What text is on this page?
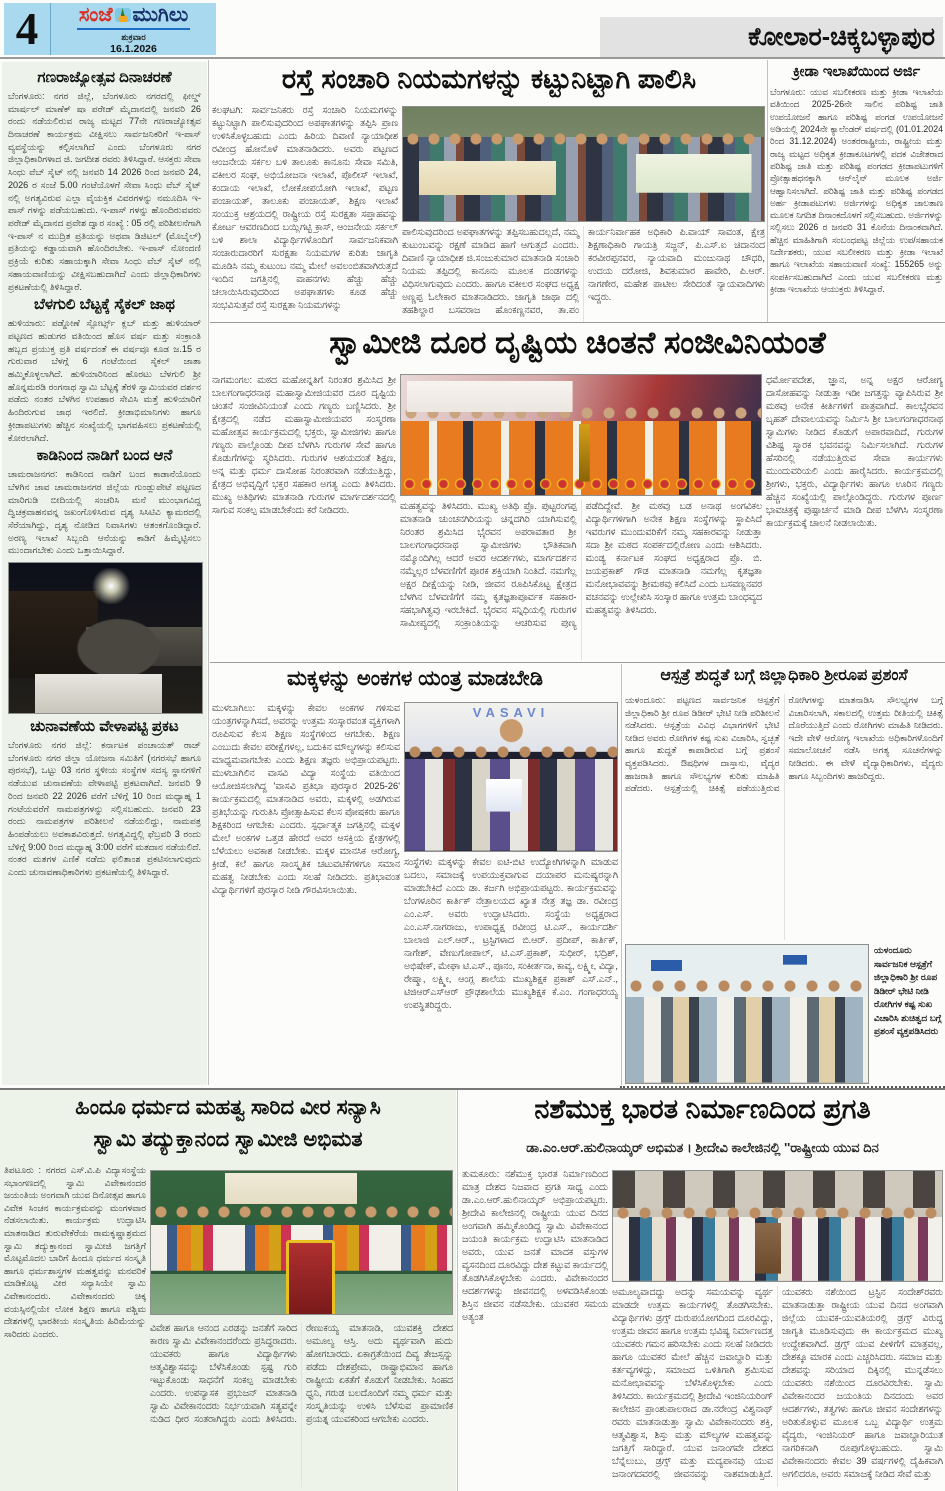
4	ಸಂಜೆ ಮುಗಿಲು
ಶುಕ್ರವಾರ
16.1.2026	ಕೋಲಾರ-ಚಿಕ್ಕಬಳ್ಳಾಪುರ
ಗಣರಾಜ್ಯೋತ್ಸವ ದಿನಾಚರಣೆ
ಬೆಂಗಳೂರು: ನಗರ ಜಿಲ್ಲೆ, ಬೆಂಗಳೂರು ನಗರದಲ್ಲಿ ಫೀಲ್ಡ್ ಮಾರ್ಷಲ್ ಮಾಣೆಕ್ ಷಾ ಪರೇಡ್ ಮೈದಾನದಲ್ಲಿ ಜನವರಿ 26 ರಂದು ನಡೆಯಲಿರುವ ರಾಜ್ಯ ಮಟ್ಟದ 77ನೇ ಗಣರಾಜ್ಯೋತ್ಸವ ದಿನಾಚರಣೆ ಕಾರ್ಯಕ್ರಮ ವೀಕ್ಷಿಸಲು ಸಾರ್ವಜನಿಕರಿಗೆ ಇ-ಪಾಸ್ ವ್ಯವಸ್ಥೆಯನ್ನು ಕಲ್ಪಿಸಲಾಗಿದೆ ಎಂದು ಬೆಂಗಳೂರು ನಗರ ಜಿಲ್ಲಾಧಿಕಾರಿಗಳಾದ ಜಿ. ಜಗದೀಶ ರವರು ತಿಳಿಸಿದ್ದಾರೆ. ಆಸಕ್ತರು ಸೇವಾ ಸಿಂಧು ವೆಬ್ ಸೈಟ್ ನಲ್ಲಿ ಜನವರಿ 14 2026 ರಿಂದ ಜನವರಿ 24, 2026 ರ ಸಂಜೆ 5.00 ಗಂಟೆಯೊಳಗೆ ಸೇವಾ ಸಿಂಧು ವೆಬ್ ಸೈಟ್ ನಲ್ಲಿ ಅಗತ್ಯವಿರುವ ಎಲ್ಲಾ ವೈಯಕ್ತಿಕ ವಿವರಗಳನ್ನು ನಮೂದಿಸಿ ಇ-ಪಾಸ್ ಗಳನ್ನು ಪಡೆಯಬಹುದು. ಇ-ಪಾಸ್ ಗಳನ್ನು ಹೊಂದಿರುವವರು ಪರೇಡ್ ಮೈದಾನದ ಪ್ರವೇಶ ದ್ವಾರ ಸಂಖ್ಯೆ : 05 ರಲ್ಲಿ ಪರಿಶೀಲನೆಗಾಗಿ ಇ-ಪಾಸ್ ನ ಮುದ್ರಿತ ಪ್ರತಿಯನ್ನು ಅಥವಾ ಡಿಜಿಟಲ್ (ಮೊಬೈಲ್) ಪ್ರತಿಯನ್ನು ಕಡ್ಡಾಯವಾಗಿ ಹೊಂದಿರಬೇಕು. ಇ-ಪಾಸ್ ನೋಂದಣಿ ಪ್ರಕ್ರಿಯೆ ಕುರಿತು ಸಹಾಯಕ್ಕಾಗಿ ಸೇವಾ ಸಿಂಧು ವೆಬ್ ಸೈಟ್ ನಲ್ಲಿ ಸಹಾಯವಾಣಿಯನ್ನು ವೀಕ್ಷಿಸಬಹುದಾಗಿದೆ ಎಂದು ಜಿಲ್ಲಾಧಿಕಾರಿಗಳು ಪ್ರಕಟಣೆಯಲ್ಲಿ ತಿಳಿಸಿದ್ದಾರೆ.
ಬೆಳಗುಲಿ ಬೆಟ್ಟಕ್ಕೆ ಸೈಕಲ್ ಜಾಥ
ಹುಳಿಯಾರು: ಪಡ್ಡೋಣೆ ಸ್ಪೋರ್ಟ್ಸ್ ಕ್ಲಬ್ ಮತ್ತು ಹುಳಿಯಾರ್ ಪಟ್ಟಣದ ಹುಡುಗರ ವತಿಯಿಂದ ಹೊಸ ವರ್ಷ ಮತ್ತು ಸಂಕ್ರಾಂತಿ ಹಬ್ಬದ ಪ್ರಯುಕ್ತ ಪ್ರತಿ ವರ್ಷದಂತೆ ಈ ವರ್ಷವೂ ಕೂಡ ಜ.15 ರ ಗುರುವಾರ ಬೆಳಗ್ಗೆ 6 ಗಂಟೆಯಿಂದ ಸೈಕಲ್ ಜಾತಾ ಹಮ್ಮಿಕೊಳ್ಳಲಾಗಿದೆ. ಹುಳಿಯಾರಿನಿಂದ ಹೊರಟು ಬೆಳಗುಲಿ ಶ್ರೀ ಹೊನ್ನಮರಡಿ ರಂಗನಾಥ ಸ್ವಾಮಿ ಬೆಟ್ಟಕ್ಕೆ ತೆರಳಿ ಸ್ವಾಮಿಯವರ ದರ್ಶನ ಪಡೆದು ನಂತರ ಬೆಳಗಿನ ಉಪಹಾರ ಸೇವಿಸಿ ಮತ್ತೆ ಹುಳಿಯಾರಿಗೆ ಹಿಂದಿರುಗುವ ಜಾಥ ಇರಲಿದೆ. ಕ್ರೀಡಾಭಿಮಾನಿಗಳು ಹಾಗೂ ಕ್ರೀಡಾಪಟುಗಳು ಹೆಚ್ಚಿನ ಸಂಖ್ಯೆಯಲ್ಲಿ ಭಾಗವಹಿಸಲು ಪ್ರಕಟಣೆಯಲ್ಲಿ ಕೋರಲಾಗಿದೆ.
ಕಾಡಿನಿಂದ ನಾಡಿಗೆ ಬಂದ ಆನೆ
ಚಾಮರಾಜನಗರ: ಕಾಡಿನಿಂದ ನಾಡಿಗೆ ಬಂದ ಕಾಡಾನೆಯೊಂದು ಬೆಳಗಿನ ಜಾವ ಚಾಮರಾಜನಗರ ಜಿಲ್ಲೆಯ ಗುಂಡ್ಲುಪೇಟೆ ಪಟ್ಟಣದ ಮಾರಿಗುಡಿ ಬೀದಿಯಲ್ಲಿ ಸಂಚರಿಸಿ ಮನೆ ಮುಂಭಾಗವಿದ್ದ ದ್ವಿಚಕ್ರವಾಹನವನ್ನ ಜಖಂಗೊಳಿಸಿರುವ ದೃಶ್ಯ ಸಿಸಿಟಿವಿ ಕ್ಯಾಮರದಲ್ಲಿ ಸೆರೆಯಾಗಿದ್ದು, ದೃಶ್ಯ ನೋಡಿದ ನಿವಾಸಿಗಳು ಆತಂಕಗೊಂಡಿದ್ದಾರೆ. ಅರಣ್ಯ ಇಲಾಖೆ ಸಿಬ್ಬಂದಿ ಆನೆಯನ್ನು ಕಾಡಿಗೆ ಹಿಮ್ಮೆಟ್ಟಿಸಲು ಮುಂದಾಗಬೇಕು ಎಂದು ಒತ್ತಾಯಿಸಿದ್ದಾರೆ.
ಚುನಾವಣೆಯ ವೇಳಾಪಟ್ಟಿ ಪ್ರಕಟ
ಬೆಂಗಳೂರು ನಗರ ಜಿಲ್ಲೆ: ಕರ್ನಾಟಕ ಪಂಚಾಯತ್ ರಾಜ್ ಬೆಂಗಳೂರು ನಗರ ಜಿಲ್ಲಾ ಯೋಜನಾ ಸಮಿತಿಗೆ (ನಗರಸಭೆ ಹಾಗೂ ಪುರಸಭೆ), ಒಟ್ಟು 03 ನಗರ ಸ್ಥಳೀಯ ಸಂಸ್ಥೆಗಳ ಸದಸ್ಯ ಸ್ಥಾನಗಳಿಗೆ ನಡೆಯುವ ಚುನಾವಣೆಯ ವೇಳಾಪಟ್ಟಿ ಪ್ರಕಟವಾಗಿದೆ. ಜನವರಿ 9 ರಿಂದ ಜನವರಿ 22 2026 ವರೆಗೆ ಬೆಳಿಗ್ಗೆ 10 ರಿಂದ ಮಧ್ಯಾಹ್ನ 1 ಗಂಟೆಯವರೆಗೆ ನಾಮಪತ್ರಗಳನ್ನು ಸಲ್ಲಿಸಬಹುದು. ಜನವರಿ 23 ರಂದು ನಾಮಪತ್ರಗಳ ಪರಿಶೀಲನೆ ನಡೆಯಲಿದ್ದು, ನಾಮಪತ್ರ ಹಿಂಪಡೆಯಲು ಅವಕಾಶವಿರುತ್ತದೆ. ಅಗತ್ಯವಿದ್ದಲ್ಲಿ ಫೆಬ್ರವರಿ 3 ರಂದು ಬೆಳಿಗ್ಗೆ 9:00 ರಿಂದ ಮಧ್ಯಾಹ್ನ 3:00 ವರೆಗೆ ಮತದಾನ ನಡೆಯಲಿದೆ. ನಂತರ ಮತಗಳ ಎಣಿಕೆ ನಡೆದು ಫಲಿತಾಂಶ ಪ್ರಕಟಿಸಲಾಗುವುದು ಎಂದು ಚುನಾವಣಾಧಿಕಾರಿಗಳು ಪ್ರಕಟಣೆಯಲ್ಲಿ ತಿಳಿಸಿದ್ದಾರೆ.
ರಸ್ತೆ ಸಂಚಾರಿ ನಿಯಮಗಳನ್ನು ಕಟ್ಟುನಿಟ್ಟಾಗಿ ಪಾಲಿಸಿ
ಕಲಘಟಗಿ: ಸಾರ್ವಜನಿಕರು ರಸ್ತೆ ಸಂಚಾರಿ ನಿಯಮಗಳನ್ನು ಕಟ್ಟುನಿಟ್ಟಾಗಿ ಪಾಲಿಸುವುದರಿಂದ ಅಪಘಾತಗಳನ್ನು ತಪ್ಪಿಸಿ ಪ್ರಾಣ ಉಳಿಸಿಕೊಳ್ಳಬಹುದು ಎಂದು ಹಿರಿಯ ದಿವಾಣಿ ನ್ಯಾಯಾಧೀಶ ರವೀಂದ್ರ ಹೋನೊಳೆ ಮಾತನಾಡಿದರು. ಅವರು ಪಟ್ಟಣದ ಆಂಜನೇಯ ಸರ್ಕಲ ಬಳಿ ತಾಲೂಕು ಕಾನೂನು ಸೇವಾ ಸಮಿತಿ, ವಕೀಲರ ಸಂಘ, ಅಭಿಯೋಜನಾ ಇಲಾಖೆ, ಪೊಲೀಸ್ ಇಲಾಖೆ, ಕಂದಾಯ ಇಲಾಖೆ, ಲೋಕೋಪಯೋಗಿ ಇಲಾಖೆ, ಪಟ್ಟಣ ಪಂಚಾಯತ್, ತಾಲೂಕು ಪಂಚಾಯತ್, ಶಿಕ್ಷಣ ಇಲಾಖೆ ಸಂಯುಕ್ತ ಆಶ್ರಯದಲ್ಲಿ ರಾಷ್ಟ್ರೀಯ ರಸ್ತೆ ಸುರಕ್ಷತಾ ಸಪ್ತಾಹವನ್ನು ಕೋರ್ಟ ಆವರಣದಿಂದ ಬಯ್ಲಿಗಟ್ಟಿ ಕ್ರಾಸ್, ಆಂಜನೇಯ ಸರ್ಕಲ್ ಬಳಿ ಶಾಲಾ ವಿದ್ಯಾರ್ಥಿಗಳೊಂದಿಗೆ ಸಾರ್ವಜನಿಕವಾಗಿ ಸಂಚಾರುದಾರರಿಗೆ ಸುರಕ್ಷತಾ ನಿಯಮಗಳ ಕುರಿತು ಜಾಗೃತಿ ಮೂಡಿಸಿ ನಮ್ಮ ಕುಟುಂಬ ನಮ್ಮ ಮೇಲೆ ಅವಲಂಬಿತವಾಗಿರುತ್ತದೆ ಇಂದಿನ ಜಗತ್ತಿನಲ್ಲಿ ವಾಹನಗಳು ಹೆಚ್ಚು ಹೆಚ್ಚು ಚಲಾಯಿಸಿರುವುದರಿಂದ ಅಪಘಾತಗಳು ಕೂಡ ಹೆಚ್ಚು ಸಂಭವಿಸುತ್ತವೆ ರಸ್ತೆ ಸುರಕ್ಷತಾ ನಿಯಮಗಳನ್ನು
ಪಾಲಿಸುವುದರಿಂದ ಅಪಘಾತಗಳನ್ನು ತಪ್ಪಿಸಬಹುದಲ್ಲದೆ, ನಮ್ಮ ಕುಟುಂಬವನ್ನು ರಕ್ಷಣೆ ಮಾಡಿದ ಹಾಗೆ ಆಗುತ್ತದೆ ಎಂದರು. ದಿವಾಣಿ ನ್ಯಾಯಾಧೀಶ ಜಿ.ಸಂಜುಕುಮಾರ ಮಾತನಾಡಿ ಸಂಚಾರಿ ನಿಯಮ ತಪ್ಪಿದಲ್ಲಿ ಕಾನೂನು ಮೂಲಕ ದಂಡಗಳನ್ನು ವಿಧಿಸಲಾಗುವುದು ಎಂದರು. ಹಾಗೂ ವಕೀಲರ ಸಂಘದ ಅಧ್ಯಕ್ಷ ಅಣ್ಣಪ್ಪ ಓಲೇಕಾರ ಮಾತನಾಡಿದರು. ಜಾಗೃತಿ ಜಾಥಾ ದಲ್ಲಿ ತಹಶಿಲ್ದಾರ ಬಸವರಾಜ ಹೊಂಕಣ್ಣನವರ, ತಾ.ಪಂ ಕಾರ್ಯನಿರ್ವಾಹಕ ಅಧಿಕಾರಿ ಪಿ.ವಾಯ್ ಸಾವಂತ, ಕ್ಷೇತ್ರ ಶಿಕ್ಷಣಾಧಿಕಾರಿ ಗಾಯತ್ರಿ ಸಜ್ಜನ್, ಪಿ.ಎಸ್.ಐ ಚಿದಾನಂದ ಕರವೀರಪ್ಪನವರ, ನ್ಯಾಯವಾದಿ ಮಂಜುನಾಥ ಚೌಧರಿ, ಉದಯ ದರೋಜಿ, ಶಿವಕುಮಾರ ಹಾವೇರಿ, ಪಿ.ಆರ್. ನಾಗಣೇರ, ಮಹೇಶ ಪಾಟೀಲ ಸೇರಿದಂತೆ ನ್ಯಾಯವಾದಿಗಳು ಇದ್ದರು.
ಕ್ರೀಡಾ ಇಲಾಖೆಯಿಂದ ಅರ್ಜಿ
ಬೆಂಗಳೂರು: ಯುವ ಸಬಲೀಕರಣ ಮತ್ತು ಕ್ರೀಡಾ ಇಲಾಖೆಯ ವತಿಯಿಂದ 2025-26ನೇ ಸಾಲಿನ ಪರಿಶಿಷ್ಟ ಜಾತಿ ಉಪಯೋಜನೆ ಹಾಗೂ ಪರಿಶಿಷ್ಟ ಪಂಗಡ ಉಪಯೋಜನೆ ಅಡಿಯಲ್ಲಿ 2024ನೇ ಕ್ಯಾಲೆಂಡರ್ ವರ್ಷದಲ್ಲಿ (01.01.2024 ರಿಂದ 31.12.2024) ಅಂತರರಾಷ್ಟ್ರೀಯ, ರಾಷ್ಟ್ರೀಯ ಮತ್ತು ರಾಜ್ಯ ಮಟ್ಟದ ಅಧಿಕೃತ ಕ್ರೀಡಾಕೂಟಗಳಲ್ಲಿ ಪದಕ ವಿಜೇತರಾದ ಪರಿಶಿಷ್ಟ ಜಾತಿ ಮತ್ತು ಪರಿಶಿಷ್ಟ ಪಂಗಡದ ಕ್ರೀಡಾಪಟುಗಳಿಗೆ ಪ್ರೋತ್ಸಾಹಧನಕ್ಕಾಗಿ ಆನ್‌ಲೈನ್ ಮೂಲಕ ಅರ್ಜಿ ಆಹ್ವಾನಿಸಲಾಗಿದೆ. ಪರಿಶಿಷ್ಟ ಜಾತಿ ಮತ್ತು ಪರಿಶಿಷ್ಟ ಪಂಗಡದ ಅರ್ಹ ಕ್ರೀಡಾಪಟುಗಳು ಅರ್ಜಿಗಳನ್ನು ಅಧಿಕೃತ ಜಾಲತಾಣ ಮೂಲಕ ನಿಗದಿತ ದಿನಾಂಕದೊಳಗೆ ಸಲ್ಲಿಸಬಹುದು. ಅರ್ಜಿಗಳನ್ನು ಸಲ್ಲಿಸಲು 2026 ರ ಜನವರಿ 31 ಕೊನೆಯ ದಿನಾಂಕವಾಗಿದೆ. ಹೆಚ್ಚಿನ ಮಾಹಿತಿಗಾಗಿ ಸಂಬಂಧಪಟ್ಟ ಜಿಲ್ಲೆಯ ಉಪ/ಸಹಾಯಕ ನಿರ್ದೇಶಕರು, ಯುವ ಸಬಲೀಕರಣ ಮತ್ತು ಕ್ರೀಡಾ ಇಲಾಖೆ ಹಾಗೂ ಇಲಾಖೆಯ ಸಹಾಯವಾಣಿ ಸಂಖ್ಯೆ: 155265 ಅನ್ನು ಸಂಪರ್ಕಿಸಬಹುದಾಗಿದೆ ಎಂದು ಯುವ ಸಬಲೀಕರಣ ಮತ್ತು ಕ್ರೀಡಾ ಇಲಾಖೆಯ ಆಯುಕ್ತರು ತಿಳಿಸಿದ್ದಾರೆ.
ಸ್ವಾಮೀಜಿ ದೂರ ದೃಷ್ಟಿಯ ಚಿಂತನೆ ಸಂಜೀವಿನಿಯಂತೆ
ನಾಗಮಂಗಲ: ಮಠದ ಮಹೋನ್ನತಿಗೆ ನಿರಂತರ ಶ್ರಮಿಸಿದ ಶ್ರೀ ಬಾಲಗಂಗಾಧರನಾಥ ಮಹಾಸ್ವಾಮೀಜಿಯವರ ದೂರ ದೃಷ್ಟಿಯ ಚಿಂತನೆ ಸಂಜೀವಿನಿಯಂತೆ ಎಂದು ಗಣ್ಯರು ಬಣ್ಣಿಸಿದರು. ಶ್ರೀ ಕ್ಷೇತ್ರದಲ್ಲಿ ನಡೆದ ಮಹಾಸ್ವಾಮೀಜಿಯವರ ಸಂಸ್ಮರಣಾ ಮಹೋತ್ಸವ ಕಾರ್ಯಕ್ರಮದಲ್ಲಿ ಭಕ್ತರು, ಸ್ವಾಮೀಜಿಗಳು ಹಾಗೂ ಗಣ್ಯರು ಪಾಲ್ಗೊಂಡು ದೀಪ ಬೆಳಗಿಸಿ ಗುರುಗಳ ಸೇವೆ ಹಾಗೂ ಕೊಡುಗೆಗಳನ್ನು ಸ್ಮರಿಸಿದರು. ಗುರುಗಳ ಆಶಯದಂತೆ ಶಿಕ್ಷಣ, ಅನ್ನ ಮತ್ತು ಧರ್ಮ ದಾಸೋಹ ನಿರಂತರವಾಗಿ ನಡೆಯುತ್ತಿದ್ದು, ಕ್ಷೇತ್ರದ ಅಭಿವೃದ್ಧಿಗೆ ಭಕ್ತರ ಸಹಕಾರ ಅಗತ್ಯ ಎಂದು ತಿಳಿಸಿದರು. ಮುಖ್ಯ ಅತಿಥಿಗಳು ಮಾತನಾಡಿ ಗುರುಗಳ ಮಾರ್ಗದರ್ಶನದಲ್ಲಿ ಸಾಗುವ ಸಂಕಲ್ಪ ಮಾಡಬೇಕೆಂದು ಕರೆ ನೀಡಿದರು.	ಮಹತ್ವವನ್ನು ತಿಳಿಸಿದರು. ಮುಖ್ಯ ಅತಿಥಿ ಪ್ರೊ. ಪುಟ್ಟರಂಗಪ್ಪ ಮಾತನಾಡಿ ಚುಂಚನಗಿರಿಯನ್ನು ಚಿನ್ನದಗಿರಿ ಯಾಗಿಸುವಲ್ಲಿ ನಿರಂತರ ಶ್ರಮಿಸಿದ ಭೈರವನ ಅಪರಾವತಾರ ಶ್ರೀ ಬಾಲಗಂಗಾಧರನಾಥ ಸ್ವಾಮೀಜಿಗಳು ಭೌತಿಕವಾಗಿ ನಮ್ಮೊಂದಿಗಿಲ್ಲ ಆದರೆ ಅವರ ಆದರ್ಶಗಳು, ಮಾರ್ಗದರ್ಶನ ನಮ್ಮೆಲ್ಲರ ಬೆಳವಣಿಗೆಗೆ ಪೂರಕ ಶಕ್ತಿಯಾಗಿ ನಿಂತಿದೆ. ನಮಗೆಲ್ಲ ಅಕ್ಷರ ದೀಕ್ಷೆಯನ್ನು ನೀಡಿ, ಜೀವನ ರೂಪಿಸಿಕೊಟ್ಟ ಕ್ಷೇತ್ರದ ಬೆಳಗಿನ ಬೆಳವಣಿಗೆಗೆ ನಮ್ಮ ಕೃತಜ್ಞತಾಪೂರ್ವಕ ಸಹಕಾರ-ಸಹಭಾಗಿತ್ವವು ಇರಬೇಕಿದೆ. ಭೈರವನ ಸನ್ನಿಧಿಯಲ್ಲಿ ಗುರುಗಳ ಸಾಮೀಪ್ಯದಲ್ಲಿ ಸಂಕ್ರಾಂತಿಯನ್ನು ಆಚರಿಸುವ ಪುಣ್ಯ ಪಡೆದಿದ್ದೇವೆ. ಶ್ರೀ ಮಠವು ಬಡ ಅನಾಥ ಅಂಗವಿಕಲ ವಿದ್ಯಾರ್ಥಿಗಳಿಗಾಗಿ ಅನೇಕ ಶಿಕ್ಷಣ ಸಂಸ್ಥೆಗಳನ್ನು ಸ್ಥಾಪಿಸಿದೆ ಇವರುಗಳ ಮುಂದುವರಿಕೆಗೆ ನಮ್ಮ ಸಹಕಾರವನ್ನು ನೀಡುತ್ತಾ ಸದಾ ಶ್ರೀ ಮಠದ ಸಂಪರ್ಕದಲ್ಲಿರೋಣ ಎಂದು ಆಶಿಸಿದರು. ಮಂಡ್ಯ ಕರ್ನಾಟಕ ಸಂಘದ ಅಧ್ಯಕ್ಷರಾದ ಪ್ರೊ. ಬಿ. ಜಯಪ್ರಕಾಶ್ ಗೌಡ ಮಾತನಾಡಿ ನಮಗೆಲ್ಲ ಕೃತಜ್ಞತಾ ಮನೋಭಾವವನ್ನು ಶ್ರೀಮಠವು ಕಲಿಸಿದೆ ಎಂದು ಬಸವಣ್ಣನವರ ವಚನವನ್ನು ಉಲ್ಲೇಖಿಸಿ ಸಂಸ್ಕಾರ ಹಾಗೂ ಉತ್ತಮ ಬಾಂಧವ್ಯದ ಮಹತ್ವವನ್ನು ತಿಳಿಸಿದರು.
ಧರ್ಮೋಪದೇಶ, ಜ್ಞಾನ, ಅನ್ನ ಅಕ್ಷರ ಆರೋಗ್ಯ ದಾಸೋಹವನ್ನು ನೀಡುತ್ತಾ ಇಡೀ ಜಗತ್ತನ್ನು ವ್ಯಾಪಿಸಿರುವ ಶ್ರೀ ಮಠವು ಅನೇಕ ಕೀರ್ತಿಗಳಿಗೆ ಪಾತ್ರವಾಗಿದೆ. ಕಾಲಭೈರವನ ಬೃಹತ್ ದೇವಾಲಯವನ್ನು ನಿರ್ಮಿಸಿ ಶ್ರೀ ಬಾಲಗಂಗಾಧರನಾಥ ಸ್ವಾಮಿಗಳು ನೀಡಿದ ಕೊಡುಗೆ ಅಪಾರವಾದಿದೆ, ಗುರುಗಳ ವಿಶಿಷ್ಟ ಸ್ಮಾರಕ ಭವನವನ್ನು ನಿರ್ಮಿಸಲಾಗಿದೆ. ಗುರುಗಳ ಹೆಸರಿನಲ್ಲಿ ನಡೆಯುತ್ತಿರುವ ಸೇವಾ ಕಾರ್ಯಗಳು ಮುಂದುವರಿಯಲಿ ಎಂದು ಹಾರೈಸಿದರು. ಕಾರ್ಯಕ್ರಮದಲ್ಲಿ ಶ್ರೀಗಳು, ಭಕ್ತರು, ವಿದ್ಯಾರ್ಥಿಗಳು ಹಾಗೂ ಊರಿನ ಗಣ್ಯರು ಹೆಚ್ಚಿನ ಸಂಖ್ಯೆಯಲ್ಲಿ ಪಾಲ್ಗೊಂಡಿದ್ದರು. ಗುರುಗಳ ಪೂರ್ಣ ಭಾವಚಿತ್ರಕ್ಕೆ ಪುಷ್ಪಾರ್ಚನೆ ಮಾಡಿ ದೀಪ ಬೆಳಗಿಸಿ ಸಂಸ್ಮರಣಾ ಕಾರ್ಯಕ್ರಮಕ್ಕೆ ಚಾಲನೆ ನೀಡಲಾಯಿತು.
ಮಕ್ಕಳನ್ನು ಅಂಕಗಳ ಯಂತ್ರ ಮಾಡಬೇಡಿ
ಮುಳಬಾಗಿಲು: ಮಕ್ಕಳನ್ನು ಕೇವಲ ಅಂಕಗಳ ಗಳಿಸುವ ಯಂತ್ರಗಳನ್ನಾಗಿಸದೆ, ಅವರನ್ನು ಉತ್ತಮ ಸಂಸ್ಕಾರವಂತ ವ್ಯಕ್ತಿಗಳಾಗಿ ರೂಪಿಸುವ ಕೆಲಸ ಶಿಕ್ಷಣ ಸಂಸ್ಥೆಗಳಿಂದ ಆಗಬೇಕು. ಶಿಕ್ಷಣ ಎಂಬುದು ಕೇವಲ ಪರೀಕ್ಷೆಗಳಲ್ಲ, ಬದುಕಿನ ಮೌಲ್ಯಗಳನ್ನು ಕಲಿಸುವ ಮಾಧ್ಯಮವಾಗಬೇಕು ಎಂದು ಶಿಕ್ಷಣ ತಜ್ಞರು ಅಭಿಪ್ರಾಯಪಟ್ಟರು. ಮುಳಬಾಗಿಲಿನ ವಾಸವಿ ವಿದ್ಯಾ ಸಂಸ್ಥೆಯ ವತಿಯಿಂದ ಆಯೋಜಿಸಲಾಗಿದ್ದ 'ವಾಸವಿ ಪ್ರತಿಭಾ ಪುರಸ್ಕಾರ 2025-26' ಕಾರ್ಯಕ್ರಮದಲ್ಲಿ ಮಾತನಾಡಿದ ಅವರು, ಮಕ್ಕಳಲ್ಲಿ ಅಡಗಿರುವ ಪ್ರತಿಭೆಯನ್ನು ಗುರುತಿಸಿ ಪ್ರೋತ್ಸಾಹಿಸುವ ಕೆಲಸ ಪೋಷಕರು ಹಾಗೂ ಶಿಕ್ಷಕರಿಂದ ಆಗಬೇಕು ಎಂದರು. ಸ್ಪರ್ಧಾತ್ಮಕ ಜಗತ್ತಿನಲ್ಲಿ ಮಕ್ಕಳ ಮೇಲೆ ಅಂಕಗಳ ಒತ್ತಡ ಹೇರದೆ ಅವರ ಆಸಕ್ತಿಯ ಕ್ಷೇತ್ರಗಳಲ್ಲಿ ಬೆಳೆಯಲು ಅವಕಾಶ ನೀಡಬೇಕು. ಮಕ್ಕಳ ಮಾನಸಿಕ ಆರೋಗ್ಯ, ಕ್ರೀಡೆ, ಕಲೆ ಹಾಗೂ ಸಾಂಸ್ಕೃತಿಕ ಚಟುವಟಿಕೆಗಳಿಗೂ ಸಮಾನ ಮಹತ್ವ ನೀಡಬೇಕು ಎಂದು ಸಲಹೆ ನೀಡಿದರು. ಪ್ರತಿಭಾವಂತ ವಿದ್ಯಾರ್ಥಿಗಳಿಗೆ ಪುರಸ್ಕಾರ ನೀಡಿ ಗೌರವಿಸಲಾಯಿತು.
VASAVI
ಸಂಸ್ಥೆಗಳು ಮಕ್ಕಳನ್ನು ಕೇವಲ ಐಟಿ-ಬಿಟಿ ಉದ್ಯೋಗಿಗಳನ್ನಾಗಿ ಮಾಡುವ ಬದಲು, ಸಮಾಜಕ್ಕೆ ಉಪಯುಕ್ತವಾಗುವ ದಯಾಪರ ಮನುಷ್ಯರನ್ನಾಗಿ ಮಾಡಬೇಕಿದೆ ಎಂದು ಡಾ. ಕರ್ಜಗಿ ಅಭಿಪ್ರಾಯಪಟ್ಟರು. ಕಾರ್ಯಕ್ರಮವನ್ನು ಬೆಂಗಳೂರಿನ ಕಾರ್ತಿಕ್ ನೇತ್ರಾಲಯದ ಖ್ಯಾತ ನೇತ್ರ ತಜ್ಞ ಡಾ. ರವೀಂದ್ರ ಎಂ.ಎಸ್. ಅವರು ಉದ್ಘಾಟಿಸಿದರು. ಸಂಸ್ಥೆಯ ಅಧ್ಯಕ್ಷರಾದ ಎಂ.ಎಸ್.ನಾಗರಾಜು, ಉಪಾಧ್ಯಕ್ಷ ರವೀಂದ್ರ ಟಿ.ಎಸ್., ಕಾರ್ಯದರ್ಶಿ ಬಾಲಾಜಿ ಎಲ್.ಆರ್., ಟ್ರಸ್ಟಿಗಳಾದ ಬಿ.ಆರ್. ಪ್ರದೀಪ್, ಕಾರ್ತಿಕ್, ನಾಗೇಶ್, ವೇಣುಗೋಪಾಲ್, ಟಿ.ಎಸ್.ಪ್ರಕಾಶ್, ಸುಧೀರ್, ಭದ್ರಿಶ್, ಅಭಿಷೇಕ್, ಮೇಘಾ ಟಿ.ಎಸ್., ಪೂನಂ, ಸಂಕೀರ್ತನಾ, ಕಾವ್ಯ, ಲಕ್ಷ್ಮೀ, ವಿದ್ಯಾ, ರೇಷ್ಮಾ, ಲಕ್ಷ್ಮೀ, ಆಂಗ್ಲ ಶಾಲೆಯ ಮುಖ್ಯಶಿಕ್ಷಕ ಪ್ರಕಾಶ್ ಎಸ್.ಎನ್., ಟಿಜಿಆರ್‌ಎಸ್‌ಆರ್ ಪ್ರೌಢಶಾಲೆಯ ಮುಖ್ಯಶಿಕ್ಷಕ ಕೆ.ಎಂ. ಗಂಗಾಧರಯ್ಯ ಉಪಸ್ಥಿತರಿದ್ದರು.
ಆಸ್ಪತ್ರೆ ಶುದ್ಧತೆ ಬಗ್ಗೆ ಜಿಲ್ಲಾಧಿಕಾರಿ ಶ್ರೀರೂಪ ಪ್ರಶಂಸೆ
ಯಳಂದೂರು: ಪಟ್ಟಣದ ಸಾರ್ವಜನಿಕ ಆಸ್ಪತ್ರೆಗೆ ಜಿಲ್ಲಾಧಿಕಾರಿ ಶ್ರೀ ರೂಪ ಡಿಡೀರ್ ಭೇಟಿ ನೀಡಿ ಪರಿಶೀಲನೆ ನಡೆಸಿದರು. ಆಸ್ಪತ್ರೆಯ ವಿವಿಧ ವಿಭಾಗಗಳಿಗೆ ಭೇಟಿ ನೀಡಿದ ಅವರು ರೋಗಿಗಳ ಕಷ್ಟ ಸುಖ ವಿಚಾರಿಸಿ, ಸ್ವಚ್ಛತೆ ಹಾಗೂ ಶುದ್ಧತೆ ಕಾಪಾಡಿರುವ ಬಗ್ಗೆ ಪ್ರಶಂಸೆ ವ್ಯಕ್ತಪಡಿಸಿದರು. ಔಷಧಿಗಳ ದಾಸ್ತಾನು, ವೈದ್ಯರ ಹಾಜರಾತಿ ಹಾಗೂ ಸೌಲಭ್ಯಗಳ ಕುರಿತು ಮಾಹಿತಿ ಪಡೆದರು. ಆಸ್ಪತ್ರೆಯಲ್ಲಿ ಚಿಕಿತ್ಸೆ ಪಡೆಯುತ್ತಿರುವ ರೋಗಿಗಳನ್ನು ಮಾತನಾಡಿಸಿ ಸೌಲಭ್ಯಗಳ ಬಗ್ಗೆ ವಿಚಾರಿಸಲಾಗಿ, ಸಕಾಲದಲ್ಲಿ ಉತ್ತಮ ರೀತಿಯಲ್ಲಿ ಚಿಕಿತ್ಸೆ ದೊರೆಯುತ್ತಿದೆ ಎಂದು ರೋಗಿಗಳು ಮಾಹಿತಿ ನೀಡಿದರು. ಇದೇ ವೇಳೆ ಆರೋಗ್ಯ ಇಲಾಖೆಯ ಅಧಿಕಾರಿಗಳೊಂದಿಗೆ ಸಮಾಲೋಚನೆ ನಡೆಸಿ ಅಗತ್ಯ ಸೂಚನೆಗಳನ್ನು ನೀಡಿದರು. ಈ ವೇಳೆ ವೈದ್ಯಾಧಿಕಾರಿಗಳು, ವೈದ್ಯರು ಹಾಗೂ ಸಿಬ್ಬಂದಿಗಳು ಹಾಜರಿದ್ದರು.
ಯಳಂದೂರು ಸಾರ್ವಜನಿಕ ಆಸ್ಪತ್ರೆಗೆ ಜಿಲ್ಲಾಧಿಕಾರಿ ಶ್ರೀ ರೂಪ ಡಿಡೀರ್ ಭೇಟಿ ನೀಡಿ ರೋಗಿಗಳ ಕಷ್ಟ ಸುಖ ವಿಚಾರಿಸಿ ಶುಚಿತ್ವದ ಬಗ್ಗೆ ಪ್ರಶಂಸೆ ವ್ಯಕ್ತಪಡಿಸಿದರು
ಹಿಂದೂ ಧರ್ಮದ ಮಹತ್ವ ಸಾರಿದ ವೀರ ಸನ್ಯಾಸಿ
ಸ್ವಾಮಿ ತದ್ಯುಕ್ತಾನಂದ ಸ್ವಾಮೀಜಿ ಅಭಿಮತ
ತಿಪಟೂರು : ನಗರದ ಎಸ್.ವಿ.ಪಿ ವಿದ್ಯಾಸಂಸ್ಥೆಯ ಸಭಾಂಗಣದಲ್ಲಿ ಸ್ವಾಮಿ ವಿವೇಕಾನಂದರ ಜಯಂತಿಯ ಅಂಗವಾಗಿ ಯುವ ದಿನೋತ್ಸವ ಹಾಗೂ ವಿವೇಕ ಸಿಂಚನ ಕಾರ್ಯಕ್ರಮವನ್ನು ಮಂಗಳವಾರ ನೆಡಸಲಾಯಿತು. ಕಾರ್ಯಕ್ರಮ ಉದ್ಘಾಟಿಸಿ ಮಾತನಾಡಿದ ತುರುವೇಕೆರೆಯ ರಾಮಕೃಷ್ಣಾಶ್ರಮದ ಸ್ವಾಮಿ ತದ್ಯುಕ್ತಾನಂದ ಸ್ವಾಮೀಜಿ ಜಗತ್ತಿಗೆ ಮೊಟ್ಟಮೊದಲ ಬಾರಿಗೆ ಹಿಂದೂ ಧರ್ಮದ ಸಂಸ್ಕೃತಿ ಹಾಗೂ ಧರ್ಮಶಾಸ್ತ್ರಗಳ ಮಹತ್ವವನ್ನು ಮನವರಿಕೆ ಮಾಡಿಕೊಟ್ಟ ವೀರ ಸನ್ಯಾಸಿಯೇ ಸ್ವಾಮಿ ವಿವೇಕಾನಂದರು. ವಿವೇಕಾನಂದರು ಚಿಕ್ಕ ವಯಸ್ಸಿನಲ್ಲಿಯೇ ಲೋಕ ಶಿಕ್ಷಣ ಹಾಗೂ ಪಶ್ಚಿಮ ದೇಶಗಳಲ್ಲಿ ಭಾರತೀಯ ಸಂಸ್ಕೃತಿಯ ಹಿರಿಮೆಯನ್ನು ಸಾರಿದರು ಎಂದರು.
ವಿವೇಶ ಹಾಗೂ ಆನಂದ ಎರಡನ್ನು ಜನತೆಗೆ ಸಾರಿದ ಕಾರಣ ಸ್ವಾಮಿ ವಿವೇಕಾನಂದರೆಂದು ಪ್ರಸಿದ್ಧರಾದರು. ಯುವಕರು ಹಾಗೂ ವಿದ್ಯಾರ್ಥಿಗಳು ಆತ್ಮವಿಶ್ವಾಸವನ್ನು ಬೆಳೆಸಿಕೊಂಡು ಸ್ಪಷ್ಟ ಗುರಿ ಇಟ್ಟುಕೊಂಡು ಸಾಧನೆಗೆ ಸಂಕಲ್ಪ ಮಾಡಬೇಕು ಎಂದರು. ಉಪನ್ಯಾಸಕ ಪ್ರಭುಜನ್ ಮಾತನಾಡಿ ಸ್ವಾಮಿ ವಿವೇಕಾನಂದರು ನಿರ್ಭಯವಾಗಿ ಸತ್ಯವನ್ನೇ ನುಡಿದ ಧೀರ ಸಂತರಾಗಿದ್ದರು ಎಂದು ತಿಳಿಸಿದರು. ರೇಣುಕಯ್ಯ ಮಾತನಾಡಿ, ಯುವಶಕ್ತಿ ದೇಶದ ಅಮೂಲ್ಯ ಆಸ್ತಿ. ಅದು ವ್ಯರ್ಥವಾಗಿ ಹುದು ಹೋಗಬಾರದು. ಏಕಾಗ್ರತೆಯಿಂದ ದಿವ್ಯ ತೇಜಸ್ಸನ್ನು ಪಡೆದು ದೇಶಪ್ರೇಮ, ರಾಷ್ಟ್ರಾಭಿಮಾನ ಹಾಗೂ ರಾಷ್ಟ್ರೀಯ ಏಕತೆಗೆ ಕೊಡುಗೆ ನೀಡಬೇಕು. ಸಿಂಹದ ಧ್ವನಿ, ಗರುಡ ಬಲದೊಂದಿಗೆ ನಮ್ಮ ಧರ್ಮ ಮತ್ತು ಸಂಸ್ಕೃತಿಯನ್ನು ಉಳಿಸಿ ಬೆಳೆಸುವ ಪ್ರಾಮಾಣಿಕ ಪ್ರಯತ್ನ ಯುವಕರಿಂದ ಆಗಬೇಕು ಎಂದರು.
ನಶೆಮುಕ್ತ ಭಾರತ ನಿರ್ಮಾಣದಿಂದ ಪ್ರಗತಿ
ಡಾ.ಎಂ.ಆರ್.ಹುಲಿನಾಯ್ಕರ್ ಅಭಿಮತ । ಶ್ರೀದೇವಿ ಕಾಲೇಜಿನಲ್ಲಿ ''ರಾಷ್ಟ್ರೀಯ ಯುವ ದಿನ
ತುಮಕೂರು: ನಶೆಮುಕ್ತ ಭಾರತ ನಿರ್ಮಾಣದಿಂದ ಮಾತ್ರ ದೇಶದ ನಿಜವಾದ ಪ್ರಗತಿ ಸಾಧ್ಯ ಎಂದು ಡಾ.ಎಂ.ಆರ್.ಹುಲಿನಾಯ್ಕರ್ ಅಭಿಪ್ರಾಯಪಟ್ಟರು. ಶ್ರೀದೇವಿ ಕಾಲೇಜಿನಲ್ಲಿ ರಾಷ್ಟ್ರೀಯ ಯುವ ದಿನದ ಅಂಗವಾಗಿ ಹಮ್ಮಿಕೊಂಡಿದ್ದ ಸ್ವಾಮಿ ವಿವೇಕಾನಂದ ಜಯಂತಿ ಕಾರ್ಯಕ್ರಮ ಉದ್ಘಾಟಿಸಿ ಮಾತನಾಡಿದ ಅವರು, ಯುವ ಜನತೆ ಮಾದಕ ವಸ್ತುಗಳ ವ್ಯಸನದಿಂದ ದೂರವಿದ್ದು ದೇಶ ಕಟ್ಟುವ ಕಾರ್ಯದಲ್ಲಿ ತೊಡಗಿಸಿಕೊಳ್ಳಬೇಕು ಎಂದರು. ವಿವೇಕಾನಂದರ ಆದರ್ಶಗಳನ್ನು ಜೀವನದಲ್ಲಿ ಅಳವಡಿಸಿಕೊಂಡು ಶಿಸ್ತಿನ ಜೀವನ ನಡೆಸಬೇಕು. ಯುವಕರ ಸಮಯ ಅತ್ಯಂತ
ಅಮೂಲ್ಯವಾದದ್ದು ಅದನ್ನು ಸಮಯವನ್ನು ವ್ಯರ್ಥ ಮಾಡದೇ ಉತ್ತಮ ಕಾರ್ಯಗಳಲ್ಲಿ ತೊಡಗಿಸಬೇಕು. ವಿದ್ಯಾರ್ಥಿಗಳು ಡ್ರಗ್ಸ್ ದುರುಪಯೋಗದಿಂದ ದೂರವಿದ್ದು, ಉತ್ತಮ ಜೀವನ ಹಾಗೂ ಉತ್ತಮ ಭವಿಷ್ಯ ನಿರ್ಮಾಣದತ್ತ ಯುವಕರು ಗಮನ ಹರಿಸಬೇಕು ಎಂದು ಸಲಹೆ ನೀಡಿದರು ಹಾಗೂ ಯುವಕರ ಮೇಲೆ ಹೆಚ್ಚಿನ ಜವಾಬ್ದಾರಿ ಮತ್ತು ಕರ್ತವ್ಯಗಳಿದ್ದು, ಸಮಾಜದ ಒಳಿತಿಗಾಗಿ ಶ್ರಮಿಸುವ ಮನೋಭಾವವನ್ನು ಬೆಳೆಸಿಕೊಳ್ಳಬೇಕು ಎಂದು ತಿಳಿಸಿದರು. ಕಾರ್ಯಕ್ರಮದಲ್ಲಿ ಶ್ರೀದೇವಿ ಇಂಜಿನಿಯರಿಂಗ್ ಕಾಲೇಜಿನ ಪ್ರಾಂಶುಪಾಲರಾದ ಡಾ.ನರೇಂದ್ರ ವಿಶ್ವನಾಥ್ ರವರು ಮಾತನಾಡುತ್ತಾ ಸ್ವಾಮಿ ವಿವೇಕಾನಂದರು ಶಕ್ತಿ, ಆತ್ಮವಿಶ್ವಾಸ, ಶಿಸ್ತು ಮತ್ತು ಮೌಲ್ಯಗಳ ಮಹತ್ವವನ್ನು ಜಗತ್ತಿಗೆ ಸಾರಿದ್ದಾರೆ. ಯುವ ಜನಾಂಗವೇ ದೇಶದ ಬೆನ್ನೆಲುಬು, ಡ್ರಗ್ಸ್ ಮತ್ತು ಮದ್ಯಪಾನವು ಯುವ ಜನಾಂಗದವರಲ್ಲಿ ಜೀವನವನ್ನು ನಾಶಮಾಡುತ್ತಿದೆ. ಯುವಕರು ನಶೆಯಿಂದ ಟ್ರಸ್ಟಿನ ಸಂದೇಶ್‌ರವರು ಮಾತನಾಡುತ್ತಾ ರಾಷ್ಟ್ರೀಯ ಯುವ ದಿನದ ಅಂಗವಾಗಿ ಜಿಲ್ಲೆಯ ಯುವಕ-ಯುವತಿಯರಲ್ಲಿ ಡ್ರಗ್ಸ್ ವಿರುದ್ಧ ಜಾಗೃತಿ ಮೂಡಿಸುವುದು ಈ ಕಾರ್ಯಕ್ರಮದ ಮುಖ್ಯ ಉದ್ದೇಶವಾಗಿದೆ. ಡ್ರಗ್ಸ್ ಯುವ ಪೀಳಿಗೆಗೆ ಮಾತ್ರವಲ್ಲ, ದೇಶಕ್ಕೂ ಮಾರಕ ಎಂದು ಎಚ್ಚರಿಸಿದರು. ಸಮಾಜ ಮತ್ತು ದೇಶವನ್ನು ಸರಿಯಾದ ದಿಕ್ಕಿನಲ್ಲಿ ಮುನ್ನಡೆಸಲು ಯುವಕರು ನಶೆಯಿಂದ ದೂರವಿರಬೇಕು. ಸ್ವಾಮಿ ವಿವೇಕಾನಂದರ ಜಯಂತಿಯ ದಿನದಂದು ಅವರ ಆದರ್ಶಗಳು, ತತ್ವಗಳು ಹಾಗೂ ಜೀವನ ಸಂದೇಶಗಳನ್ನು ಅರಿತುಕೊಳ್ಳುವ ಮೂಲಕ ಒಬ್ಬ ವಿದ್ಯಾರ್ಥಿ ಉತ್ತಮ ವೈದ್ಯರು, ಇಂಜಿನಿಯರ್ ಹಾಗೂ ಜವಾಬ್ದಾರಿಯುತ ನಾಗರಿಕನಾಗಿ ರೂಪುಗೊಳ್ಳಬಹುದು. ಸ್ವಾಮಿ ವಿವೇಕಾನಂದರು ಕೇವಲ 39 ವರ್ಷಗಳಲ್ಲಿ ದೈಹಿಕವಾಗಿ ಅಗಲಿದರೂ, ಅವರು ಸಮಾಜಕ್ಕೆ ನೀಡಿದ ಸೇವೆ ಮತ್ತು
